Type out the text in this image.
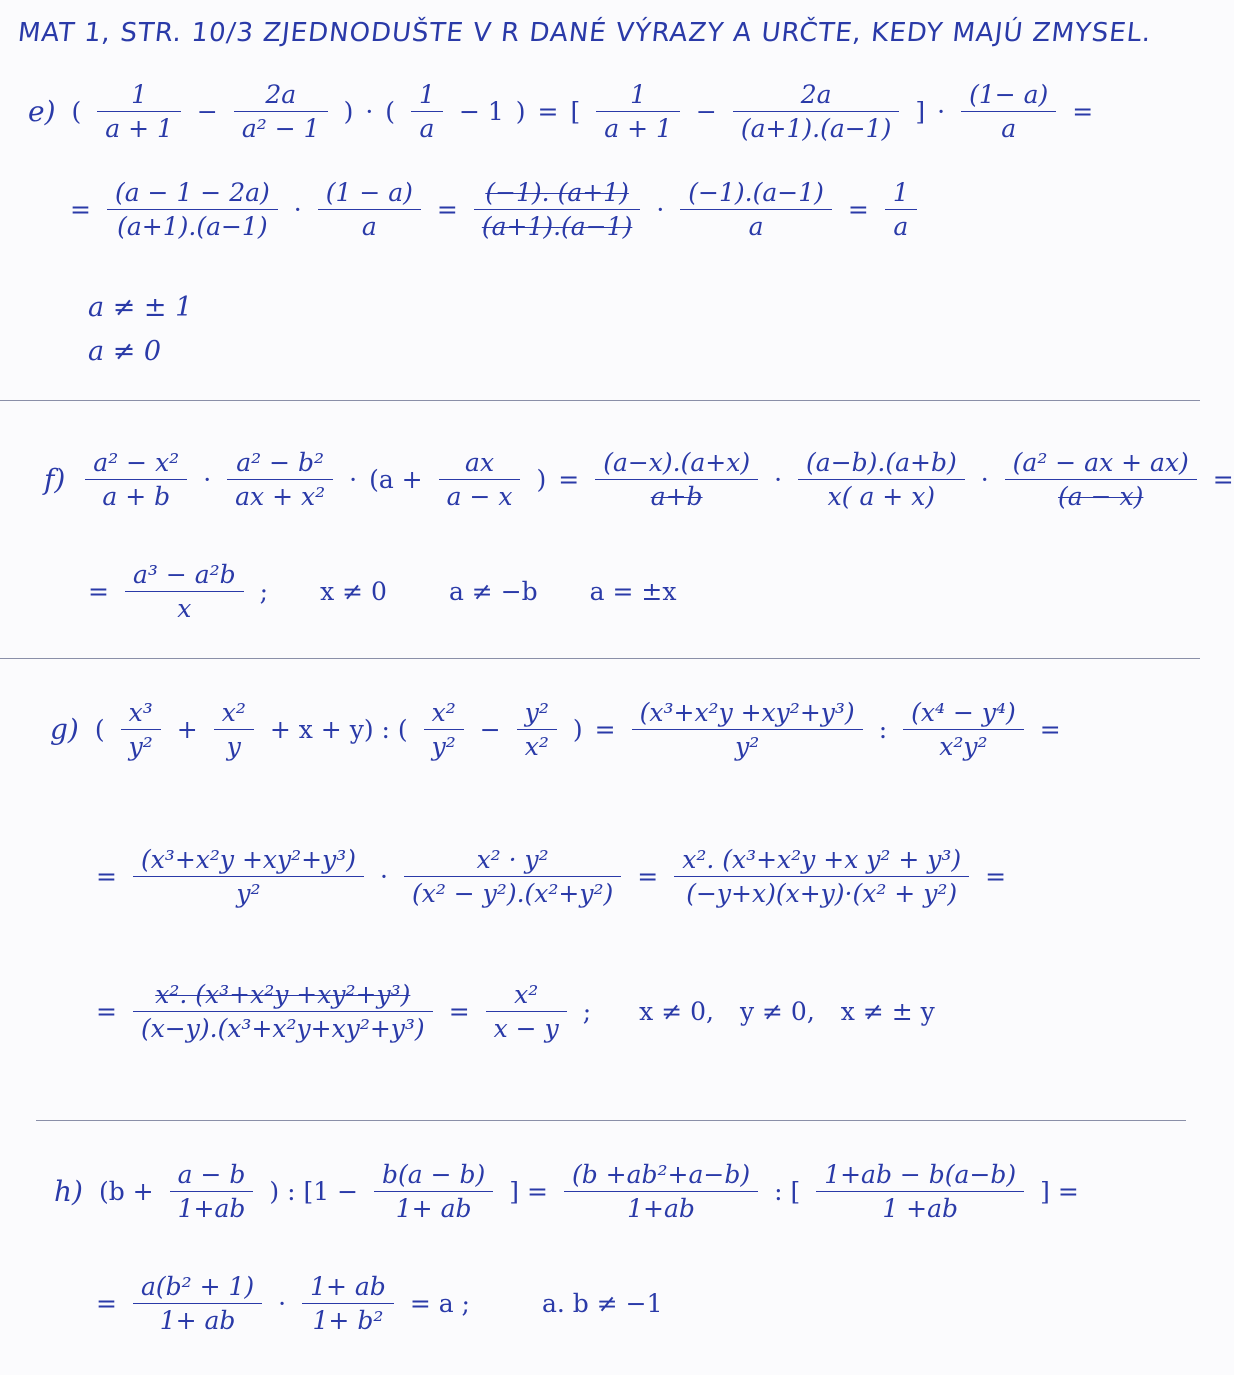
MAT 1, STR. 10/3 ZJEDNODUŠTE V R DANÉ VÝRAZY A URČTE, KEDY MAJÚ ZMYSEL.
e) ( $\frac{1}{a + 1} - \frac{2a}{\text{a² − 1}}$ ) · ( $\frac{1}{a} - 1$ ) = [ $\frac{1}{a + 1} - \frac{2a}{(a+1).(a-1)}$ ] · $\frac{(1- a)}{a}$ =
= $\frac{(a - 1 - 2a)}{(a+1).(a-1)} \cdot \frac{(1 - a)}{a} = \frac{(-1). (a+1)}{(a+1).(a-1)} \cdot \frac{(-1).(a-1)}{a} = \frac{1}{a}$
a ≠ ± 1
a ≠ 0
$f) \frac{\text{a² − x²}}{a + b} \cdot \frac{\text{a² − b²}}{\text{ax + x²}} \cdot (a + \frac{ax}{a - x}$ ) = $\frac{(a-x).(a+x)}{a+b} \cdot \frac{(a-b).(a+b)}{x( a + x)} \cdot \frac{\text{(a² − ax + ax)}}{(a - x)}$ =
= $\frac{\text{a³ − a²b}}{x}$ ; x ≠ 0 a ≠ −b a = ±x
g) ( $\frac{\text{x³}}{\text{y²}} + \frac{\text{x²}}{y} + x + y$) : ( $\frac{\text{x²}}{\text{y²}} - \frac{\text{y²}}{\text{x²}}$ ) = $\frac{\text{(x³+x²y +xy²+y³)}}{\text{y²}}$ : $\frac{\text{(x⁴ − y⁴)}}{\text{x²y²}}$ =
= $\frac{\text{(x³+x²y +xy²+y³)}}{\text{y²}} \cdot \frac{\text{x² · y²}}{\text{(x² − y²).(x²+y²)}} = \frac{\text{x². (x³+x²y +x y² + y³)}}{\text{(−y+x)(x+y)·(x² + y²)}}$ =
= $\frac{\text{x². (x³+x²y +xy²+y³)}}{\text{(x−y).(x³+x²y+xy²+y³)}} = \frac{\text{x²}}{x - y}$ ; x ≠ 0, y ≠ 0, x ≠ ± y
h) ($b + \frac{a - b}{1+ab}$ ) : [$1 - \frac{b(a - b)}{1+ ab}$ ] = $\frac{\text{(b +ab²+a−b)}}{1+ab}$ : [ $\frac{1+ab - b(a-b)}{1 +ab}$ ] =
= $\frac{\text{a(b² + 1)}}{1+ ab} \cdot \frac{1+ ab}{\text{1+ b²}} = a$ ;	a. b ≠ −1
